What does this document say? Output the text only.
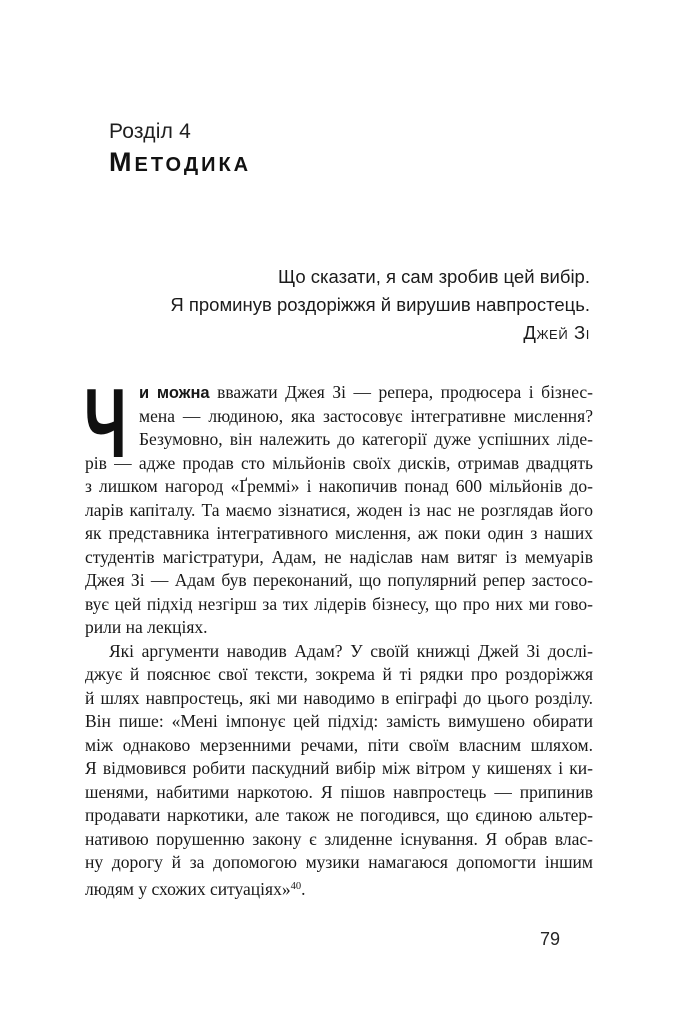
Розділ 4
МЕТОДИКА
Що сказати, я сам зробив цей вибір.
Я проминув роздоріжжя й вирушив навпростець.
Джей Зі
Ч и можна вважати Джея Зі — репера, продюсера і бізнес-
мена — людиною, яка застосовує інтегративне мислення?
Безумовно, він належить до категорії дуже успішних ліде-
рів — адже продав сто мільйонів своїх дисків, отримав двадцять
з лишком нагород «Ґреммі» і накопичив понад 600 мільйонів до-
ларів капіталу. Та маємо зізнатися, жоден із нас не розглядав його
як представника інтегративного мислення, аж поки один з наших
студентів магістратури, Адам, не надіслав нам витяг із мемуарів
Джея Зі — Адам був переконаний, що популярний репер застосо-
вує цей підхід незгірш за тих лідерів бізнесу, що про них ми гово-
рили на лекціях.
Які аргументи наводив Адам? У своїй книжці Джей Зі дослі-
джує й пояснює свої тексти, зокрема й ті рядки про роздоріжжя
й шлях навпростець, які ми наводимо в епіграфі до цього розділу.
Він пише: «Мені імпонує цей підхід: замість вимушено обирати
між однаково мерзенними речами, піти своїм власним шляхом.
Я відмовився робити паскудний вибір між вітром у кишенях і ки-
шенями, набитими наркотою. Я пішов навпростець — припинив
продавати наркотики, але також не погодився, що єдиною альтер-
нативою порушенню закону є злиденне існування. Я обрав влас-
ну дорогу й за допомогою музики намагаюся допомогти іншим
людям у схожих ситуаціях»$^{40}$.
79
